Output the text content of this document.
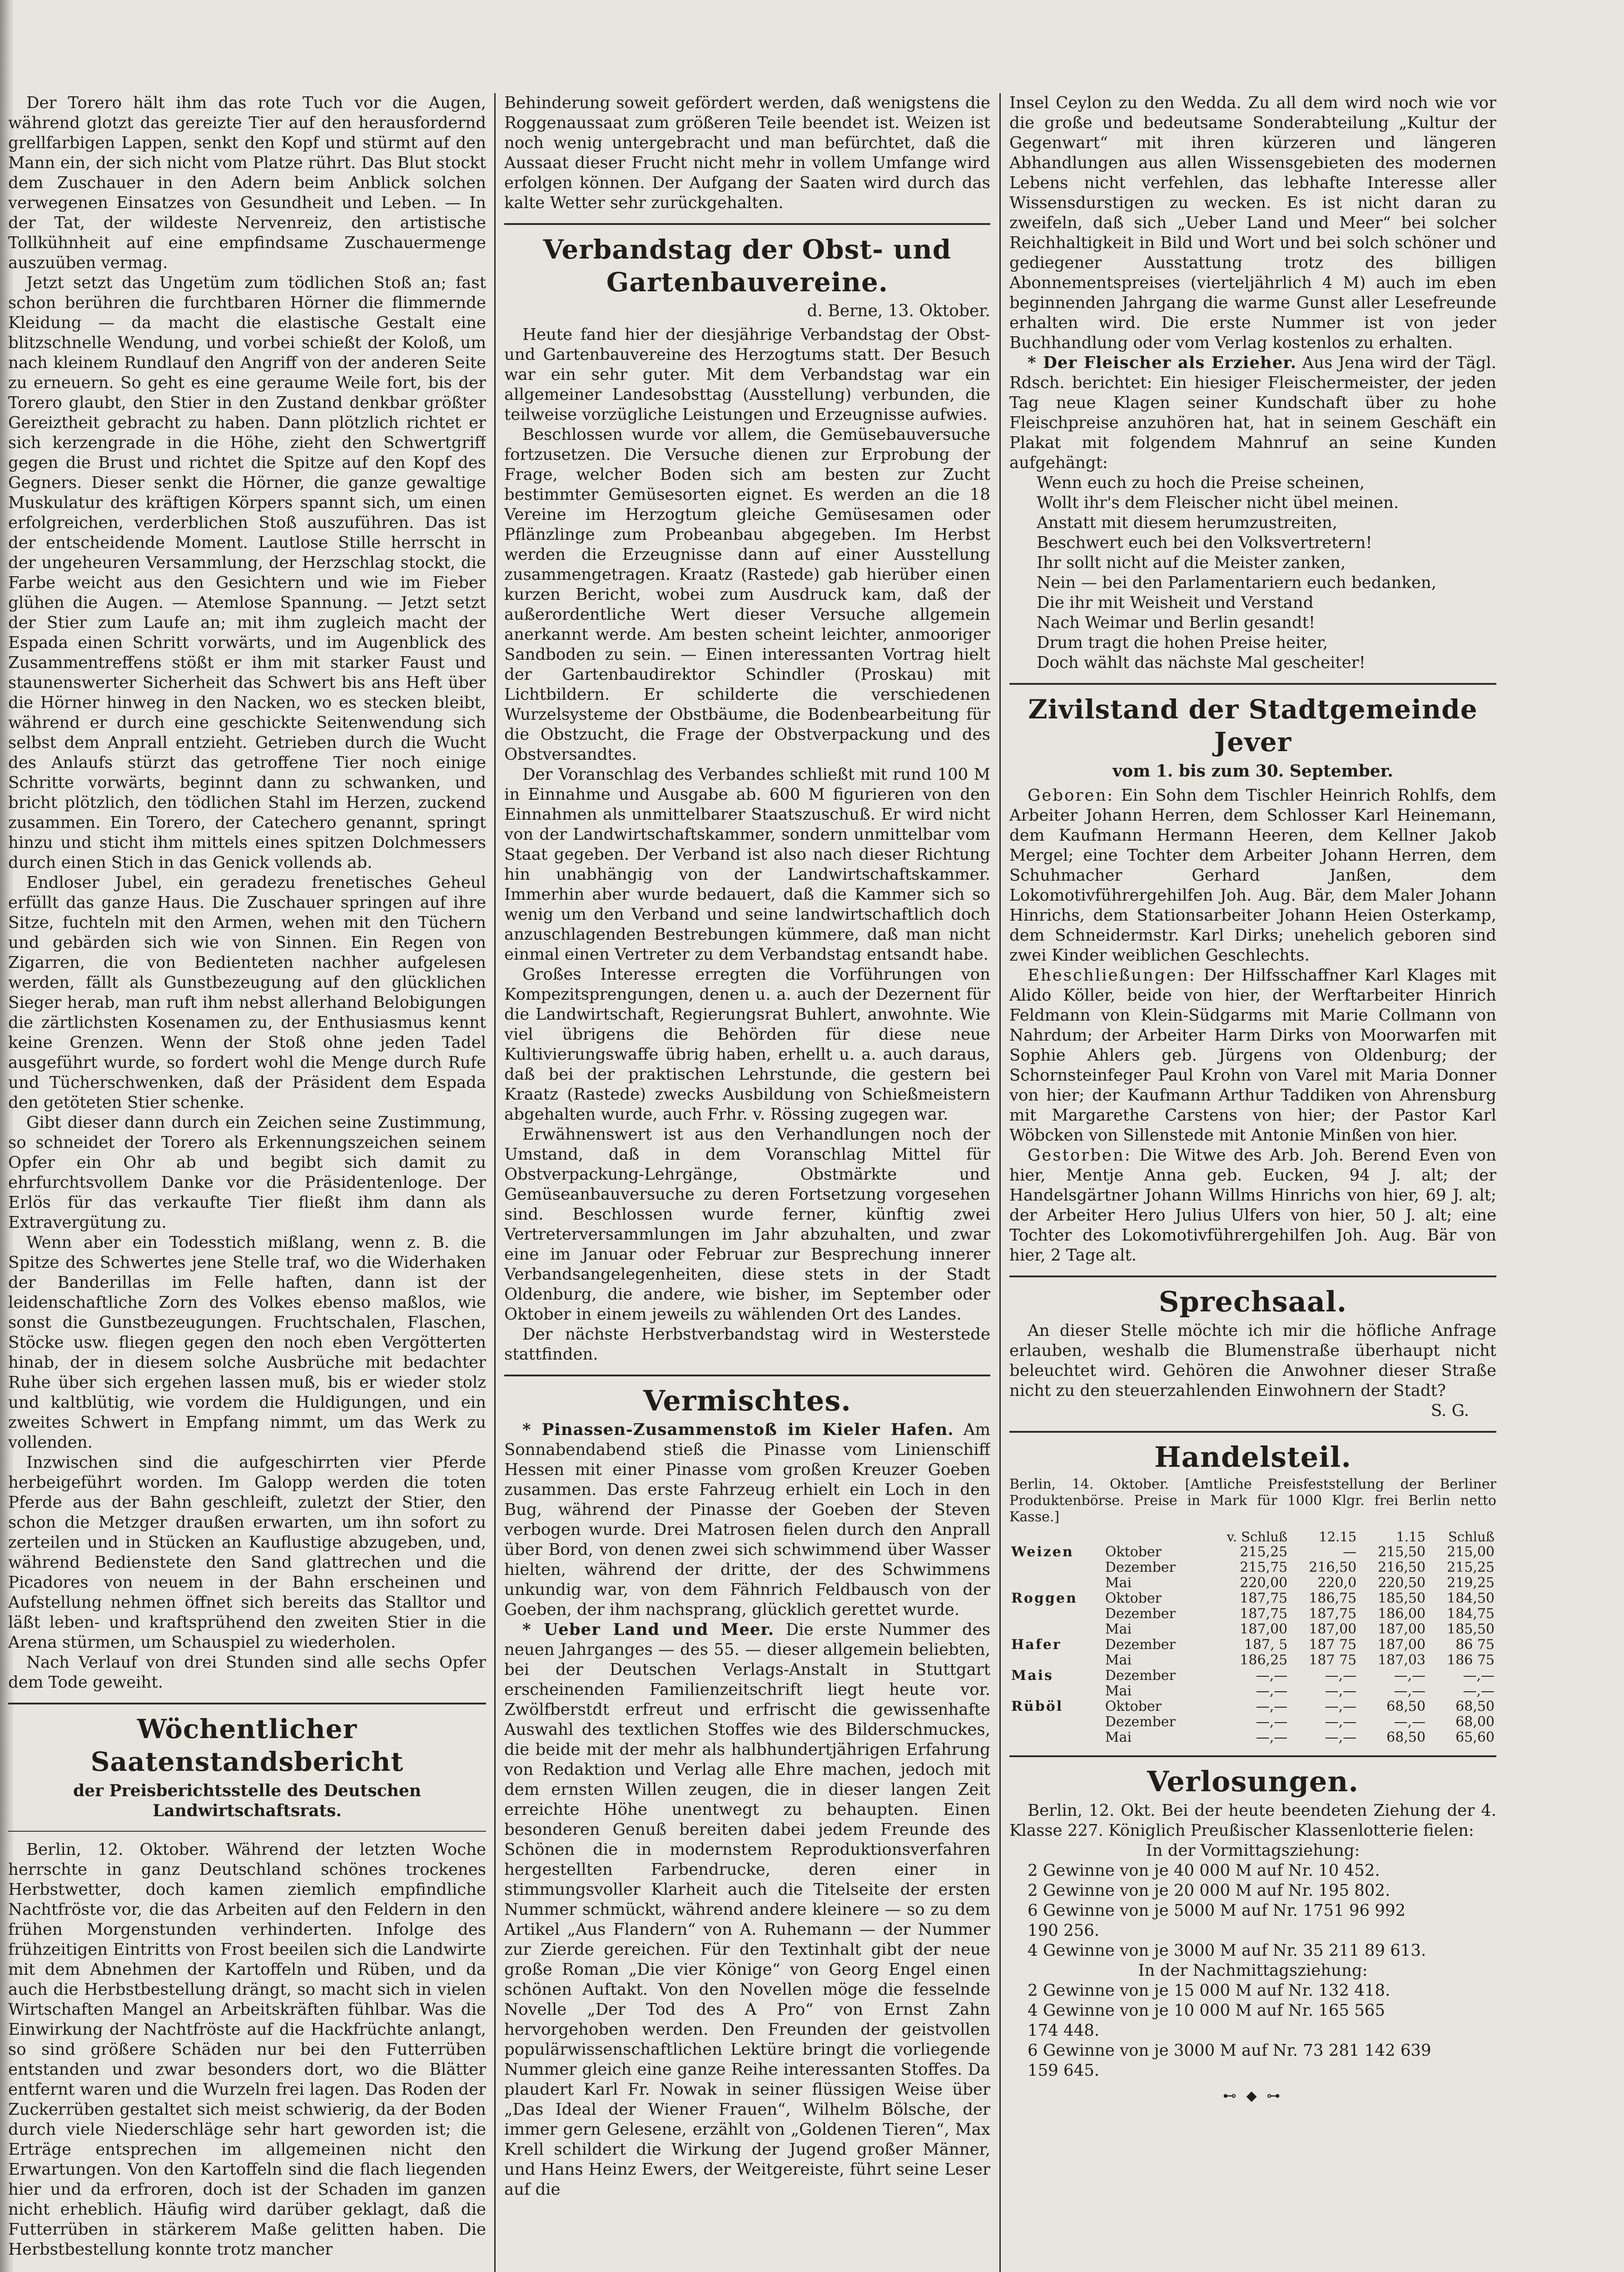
Der Torero hält ihm das rote Tuch vor die Augen, während glotzt das gereizte Tier auf den herausfordernd grellfarbigen Lappen, senkt den Kopf und stürmt auf den Mann ein, der sich nicht vom Platze rührt. Das Blut stockt dem Zuschauer in den Adern beim Anblick solchen verwegenen Einsatzes von Gesundheit und Leben. — In der Tat, der wildeste Nervenreiz, den artistische Tollkühnheit auf eine empfindsame Zuschauermenge auszuüben vermag.

Jetzt setzt das Ungetüm zum tödlichen Stoß an; fast schon berühren die furchtbaren Hörner die flimmernde Kleidung — da macht die elastische Gestalt eine blitzschnelle Wendung, und vorbei schießt der Koloß, um nach kleinem Rundlauf den Angriff von der anderen Seite zu erneuern. So geht es eine geraume Weile fort, bis der Torero glaubt, den Stier in den Zustand denkbar größter Gereiztheit gebracht zu haben. Dann plötzlich richtet er sich kerzengrade in die Höhe, zieht den Schwertgriff gegen die Brust und richtet die Spitze auf den Kopf des Gegners. Dieser senkt die Hörner, die ganze gewaltige Muskulatur des kräftigen Körpers spannt sich, um einen erfolgreichen, verderblichen Stoß auszuführen. Das ist der entscheidende Moment. Lautlose Stille herrscht in der ungeheuren Versammlung, der Herzschlag stockt, die Farbe weicht aus den Gesichtern und wie im Fieber glühen die Augen. — Atemlose Spannung. — Jetzt setzt der Stier zum Laufe an; mit ihm zugleich macht der Espada einen Schritt vorwärts, und im Augenblick des Zusammentreffens stößt er ihm mit starker Faust und staunenswerter Sicherheit das Schwert bis ans Heft über die Hörner hinweg in den Nacken, wo es stecken bleibt, während er durch eine geschickte Seitenwendung sich selbst dem Anprall entzieht. Getrieben durch die Wucht des Anlaufs stürzt das getroffene Tier noch einige Schritte vorwärts, beginnt dann zu schwanken, und bricht plötzlich, den tödlichen Stahl im Herzen, zuckend zusammen. Ein Torero, der Catechero genannt, springt hinzu und sticht ihm mittels eines spitzen Dolchmessers durch einen Stich in das Genick vollends ab.

Endloser Jubel, ein geradezu frenetisches Geheul erfüllt das ganze Haus. Die Zuschauer springen auf ihre Sitze, fuchteln mit den Armen, wehen mit den Tüchern und gebärden sich wie von Sinnen. Ein Regen von Zigarren, die von Bedienteten nachher aufgelesen werden, fällt als Gunstbezeugung auf den glücklichen Sieger herab, man ruft ihm nebst allerhand Belobigungen die zärtlichsten Kosenamen zu, der Enthusiasmus kennt keine Grenzen. Wenn der Stoß ohne jeden Tadel ausgeführt wurde, so fordert wohl die Menge durch Rufe und Tücherschwenken, daß der Präsident dem Espada den getöteten Stier schenke.

Gibt dieser dann durch ein Zeichen seine Zustimmung, so schneidet der Torero als Erkennungszeichen seinem Opfer ein Ohr ab und begibt sich damit zu ehrfurchtsvollem Danke vor die Präsidentenloge. Der Erlös für das verkaufte Tier fließt ihm dann als Extravergütung zu.

Wenn aber ein Todesstich mißlang, wenn z. B. die Spitze des Schwertes jene Stelle traf, wo die Widerhaken der Banderillas im Felle haften, dann ist der leidenschaftliche Zorn des Volkes ebenso maßlos, wie sonst die Gunstbezeugungen. Fruchtschalen, Flaschen, Stöcke usw. fliegen gegen den noch eben Vergötterten hinab, der in diesem solche Ausbrüche mit bedachter Ruhe über sich ergehen lassen muß, bis er wieder stolz und kaltblütig, wie vordem die Huldigungen, und ein zweites Schwert in Empfang nimmt, um das Werk zu vollenden.

Inzwischen sind die aufgeschirrten vier Pferde herbeigeführt worden. Im Galopp werden die toten Pferde aus der Bahn geschleift, zuletzt der Stier, den schon die Metzger draußen erwarten, um ihn sofort zu zerteilen und in Stücken an Kauflustige abzugeben, und, während Bedienstete den Sand glattrechen und die Picadores von neuem in der Bahn erscheinen und Aufstellung nehmen öffnet sich bereits das Stalltor und läßt leben- und kraftsprühend den zweiten Stier in die Arena stürmen, um Schauspiel zu wiederholen.

Nach Verlauf von drei Stunden sind alle sechs Opfer dem Tode geweiht.

Wöchentlicher Saatenstandsbericht
der Preisberichtsstelle des Deutschen Landwirtschaftsrats.

Berlin, 12. Oktober. Während der letzten Woche herrschte in ganz Deutschland schönes trockenes Herbstwetter, doch kamen ziemlich empfindliche Nachtfröste vor, die das Arbeiten auf den Feldern in den frühen Morgenstunden verhinderten. Infolge des frühzeitigen Eintritts von Frost beeilen sich die Landwirte mit dem Abnehmen der Kartoffeln und Rüben, und da auch die Herbstbestellung drängt, so macht sich in vielen Wirtschaften Mangel an Arbeitskräften fühlbar. Was die Einwirkung der Nachtfröste auf die Hackfrüchte anlangt, so sind größere Schäden nur bei den Futterrüben entstanden und zwar besonders dort, wo die Blätter entfernt waren und die Wurzeln frei lagen. Das Roden der Zuckerrüben gestaltet sich meist schwierig, da der Boden durch viele Niederschläge sehr hart geworden ist; die Erträge entsprechen im allgemeinen nicht den Erwartungen. Von den Kartoffeln sind die flach liegenden hier und da erfroren, doch ist der Schaden im ganzen nicht erheblich. Häufig wird darüber geklagt, daß die Futterrüben in stärkerem Maße gelitten haben. Die Herbstbestellung konnte trotz mancher

Behinderung soweit gefördert werden, daß wenigstens die Roggenaussaat zum größeren Teile beendet ist. Weizen ist noch wenig untergebracht und man befürchtet, daß die Aussaat dieser Frucht nicht mehr in vollem Umfange wird erfolgen können. Der Aufgang der Saaten wird durch das kalte Wetter sehr zurückgehalten.

Verbandstag der Obst- und Gartenbauvereine.
d. Berne, 13. Oktober.

Heute fand hier der diesjährige Verbandstag der Obst- und Gartenbauvereine des Herzogtums statt. Der Besuch war ein sehr guter. Mit dem Verbandstag war ein allgemeiner Landesobsttag (Ausstellung) verbunden, die teilweise vorzügliche Leistungen und Erzeugnisse aufwies.

Beschlossen wurde vor allem, die Gemüsebauversuche fortzusetzen. Die Versuche dienen zur Erprobung der Frage, welcher Boden sich am besten zur Zucht bestimmter Gemüsesorten eignet. Es werden an die 18 Vereine im Herzogtum gleiche Gemüsesamen oder Pflänzlinge zum Probeanbau abgegeben. Im Herbst werden die Erzeugnisse dann auf einer Ausstellung zusammengetragen. Kraatz (Rastede) gab hierüber einen kurzen Bericht, wobei zum Ausdruck kam, daß der außerordentliche Wert dieser Versuche allgemein anerkannt werde. Am besten scheint leichter, anmooriger Sandboden zu sein. — Einen interessanten Vortrag hielt der Gartenbaudirektor Schindler (Proskau) mit Lichtbildern. Er schilderte die verschiedenen Wurzelsysteme der Obstbäume, die Bodenbearbeitung für die Obstzucht, die Frage der Obstverpackung und des Obstversandtes.

Der Voranschlag des Verbandes schließt mit rund 100 M in Einnahme und Ausgabe ab. 600 M figurieren von den Einnahmen als unmittelbarer Staatszuschuß. Er wird nicht von der Landwirtschaftskammer, sondern unmittelbar vom Staat gegeben. Der Verband ist also nach dieser Richtung hin unabhängig von der Landwirtschaftskammer. Immerhin aber wurde bedauert, daß die Kammer sich so wenig um den Verband und seine landwirtschaftlich doch anzuschlagenden Bestrebungen kümmere, daß man nicht einmal einen Vertreter zu dem Verbandstag entsandt habe.

Großes Interesse erregten die Vorführungen von Kompezitsprengungen, denen u. a. auch der Dezernent für die Landwirtschaft, Regierungsrat Buhlert, anwohnte. Wie viel übrigens die Behörden für diese neue Kultivierungswaffe übrig haben, erhellt u. a. auch daraus, daß bei der praktischen Lehrstunde, die gestern bei Kraatz (Rastede) zwecks Ausbildung von Schießmeistern abgehalten wurde, auch Frhr. v. Rössing zugegen war.

Erwähnenswert ist aus den Verhandlungen noch der Umstand, daß in dem Voranschlag Mittel für Obstverpackung-Lehrgänge, Obstmärkte und Gemüseanbauversuche zu deren Fortsetzung vorgesehen sind. Beschlossen wurde ferner, künftig zwei Vertreterversammlungen im Jahr abzuhalten, und zwar eine im Januar oder Februar zur Besprechung innerer Verbandsangelegenheiten, diese stets in der Stadt Oldenburg, die andere, wie bisher, im September oder Oktober in einem jeweils zu wählenden Ort des Landes.

Der nächste Herbstverbandstag wird in Westerstede stattfinden.

Vermischtes.

* Pinassen-Zusammenstoß im Kieler Hafen. Am Sonnabendabend stieß die Pinasse vom Linienschiff Hessen mit einer Pinasse vom großen Kreuzer Goeben zusammen. Das erste Fahrzeug erhielt ein Loch in den Bug, während der Pinasse der Goeben der Steven verbogen wurde. Drei Matrosen fielen durch den Anprall über Bord, von denen zwei sich schwimmend über Wasser hielten, während der dritte, der des Schwimmens unkundig war, von dem Fähnrich Feldbausch von der Goeben, der ihm nachsprang, glücklich gerettet wurde.

* Ueber Land und Meer. Die erste Nummer des neuen Jahrganges — des 55. — dieser allgemein beliebten, bei der Deutschen Verlags-Anstalt in Stuttgart erscheinenden Familienzeitschrift liegt heute vor. Zwölfberstdt erfreut und erfrischt die gewissenhafte Auswahl des textlichen Stoffes wie des Bilderschmuckes, die beide mit der mehr als halbhundertjährigen Erfahrung von Redaktion und Verlag alle Ehre machen, jedoch mit dem ernsten Willen zeugen, die in dieser langen Zeit erreichte Höhe unentwegt zu behaupten. Einen besonderen Genuß bereiten dabei jedem Freunde des Schönen die in modernstem Reproduktionsverfahren hergestellten Farbendrucke, deren einer in stimmungsvoller Klarheit auch die Titelseite der ersten Nummer schmückt, während andere kleinere — so zu dem Artikel „Aus Flandern“ von A. Ruhemann — der Nummer zur Zierde gereichen. Für den Textinhalt gibt der neue große Roman „Die vier Könige“ von Georg Engel einen schönen Auftakt. Von den Novellen möge die fesselnde Novelle „Der Tod des A Pro“ von Ernst Zahn hervorgehoben werden. Den Freunden der geistvollen populärwissenschaftlichen Lektüre bringt die vorliegende Nummer gleich eine ganze Reihe interessanten Stoffes. Da plaudert Karl Fr. Nowak in seiner flüssigen Weise über „Das Ideal der Wiener Frauen“, Wilhelm Bölsche, der immer gern Gelesene, erzählt von „Goldenen Tieren“, Max Krell schildert die Wirkung der Jugend großer Männer, und Hans Heinz Ewers, der Weitgereiste, führt seine Leser auf die

Insel Ceylon zu den Wedda. Zu all dem wird noch wie vor die große und bedeutsame Sonderabteilung „Kultur der Gegenwart“ mit ihren kürzeren und längeren Abhandlungen aus allen Wissensgebieten des modernen Lebens nicht verfehlen, das lebhafte Interesse aller Wissensdurstigen zu wecken. Es ist nicht daran zu zweifeln, daß sich „Ueber Land und Meer“ bei solcher Reichhaltigkeit in Bild und Wort und bei solch schöner und gediegener Ausstattung trotz des billigen Abonnementspreises (vierteljährlich 4 M) auch im eben beginnenden Jahrgang die warme Gunst aller Lesefreunde erhalten wird. Die erste Nummer ist von jeder Buchhandlung oder vom Verlag kostenlos zu erhalten.

* Der Fleischer als Erzieher. Aus Jena wird der Tägl. Rdsch. berichtet: Ein hiesiger Fleischermeister, der jeden Tag neue Klagen seiner Kundschaft über zu hohe Fleischpreise anzuhören hat, hat in seinem Geschäft ein Plakat mit folgendem Mahnruf an seine Kunden aufgehängt:

Wenn euch zu hoch die Preise scheinen,

Wollt ihr's dem Fleischer nicht übel meinen.

Anstatt mit diesem herumzustreiten,

Beschwert euch bei den Volksvertretern!

Ihr sollt nicht auf die Meister zanken,

Nein — bei den Parlamentariern euch bedanken,

Die ihr mit Weisheit und Verstand

Nach Weimar und Berlin gesandt!

Drum tragt die hohen Preise heiter,

Doch wählt das nächste Mal gescheiter!

Zivilstand der Stadtgemeinde Jever
vom 1. bis zum 30. September.

Geboren: Ein Sohn dem Tischler Heinrich Rohlfs, dem Arbeiter Johann Herren, dem Schlosser Karl Heinemann, dem Kaufmann Hermann Heeren, dem Kellner Jakob Mergel; eine Tochter dem Arbeiter Johann Herren, dem Schuhmacher Gerhard Janßen, dem Lokomotivführergehilfen Joh. Aug. Bär, dem Maler Johann Hinrichs, dem Stationsarbeiter Johann Heien Osterkamp, dem Schneidermstr. Karl Dirks; unehelich geboren sind zwei Kinder weiblichen Geschlechts.

Eheschließungen: Der Hilfsschaffner Karl Klages mit Alido Köller, beide von hier, der Werftarbeiter Hinrich Feldmann von Klein-Südgarms mit Marie Collmann von Nahrdum; der Arbeiter Harm Dirks von Moorwarfen mit Sophie Ahlers geb. Jürgens von Oldenburg; der Schornsteinfeger Paul Krohn von Varel mit Maria Donner von hier; der Kaufmann Arthur Taddiken von Ahrensburg mit Margarethe Carstens von hier; der Pastor Karl Wöbcken von Sillenstede mit Antonie Minßen von hier.

Gestorben: Die Witwe des Arb. Joh. Berend Even von hier, Mentje Anna geb. Eucken, 94 J. alt; der Handelsgärtner Johann Willms Hinrichs von hier, 69 J. alt; der Arbeiter Hero Julius Ulfers von hier, 50 J. alt; eine Tochter des Lokomotivführergehilfen Joh. Aug. Bär von hier, 2 Tage alt.

Sprechsaal.

An dieser Stelle möchte ich mir die höfliche Anfrage erlauben, weshalb die Blumenstraße überhaupt nicht beleuchtet wird. Gehören die Anwohner dieser Straße nicht zu den steuerzahlenden Einwohnern der Stadt?

S. G.

Handelsteil.

Berlin, 14. Oktober. [Amtliche Preisfeststellung der Berliner Produktenbörse. Preise in Mark für 1000 Klgr. frei Berlin netto Kasse.]

		v. Schluß	12.15	1.15	Schluß
Weizen	Oktober	215,25	—	215,50	215,00
	Dezember	215,75	216,50	216,50	215,25
	Mai	220,00	220,0	220,50	219,25
Roggen	Oktober	187,75	186,75	185,50	184,50
	Dezember	187,75	187,75	186,00	184,75
	Mai	187,00	187,00	187,00	185,50
Hafer	Dezember	187, 5	187 75	187,00	86 75
	Mai	186,25	187 75	187,03	186 75
Mais	Dezember	—,—	—,—	—,—	—,—
	Mai	—,—	—,—	—,—	—,—
Rüböl	Oktober	—,—	—,—	68,50	68,50
	Dezember	—,—	—,—	—,—	68,00
	Mai	—,—	—,—	68,50	65,60
Verlosungen.

Berlin, 12. Okt. Bei der heute beendeten Ziehung der 4. Klasse 227. Königlich Preußischer Klassenlotterie fielen:

In der Vormittagsziehung:

2 Gewinne von je 40 000 M auf Nr. 10 452.

2 Gewinne von je 20 000 M auf Nr. 195 802.

6 Gewinne von je 5000 M auf Nr. 1751 96 992

190 256.

4 Gewinne von je 3000 M auf Nr. 35 211 89 613.

In der Nachmittagsziehung:

2 Gewinne von je 15 000 M auf Nr. 132 418.

4 Gewinne von je 10 000 M auf Nr. 165 565

174 448.

6 Gewinne von je 3000 M auf Nr. 73 281 142 639

159 645.

⊷ ◆ ⊶
